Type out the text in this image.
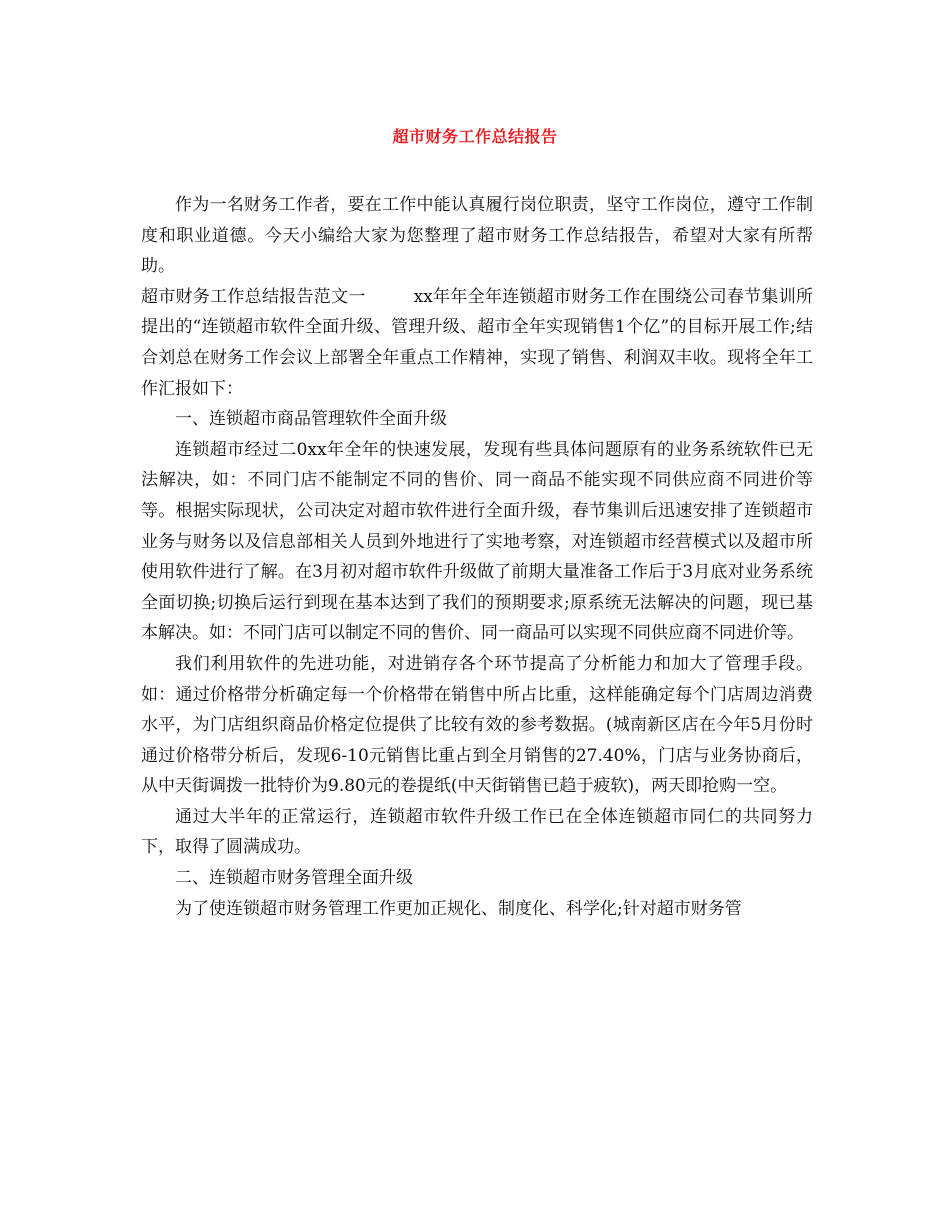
超市财务工作总结报告

作为一名财务工作者，要在工作中能认真履行岗位职责，坚守工作岗位，遵守工作制度和职业道德。今天小编给大家为您整理了超市财务工作总结报告，希望对大家有所帮助。

超市财务工作总结报告范文一	xx年年全年连锁超市财务工作在围绕公司春节集训所提出的“连锁超市软件全面升级、管理升级、超市全年实现销售1个亿”的目标开展工作;结合刘总在财务工作会议上部署全年重点工作精神，实现了销售、利润双丰收。现将全年工作汇报如下：

一、连锁超市商品管理软件全面升级

连锁超市经过二0xx年全年的快速发展，发现有些具体问题原有的业务系统软件已无法解决，如：不同门店不能制定不同的售价、同一商品不能实现不同供应商不同进价等等。根据实际现状，公司决定对超市软件进行全面升级，春节集训后迅速安排了连锁超市业务与财务以及信息部相关人员到外地进行了实地考察，对连锁超市经营模式以及超市所使用软件进行了解。在3月初对超市软件升级做了前期大量准备工作后于3月底对业务系统全面切换;切换后运行到现在基本达到了我们的预期要求;原系统无法解决的问题，现已基本解决。如：不同门店可以制定不同的售价、同一商品可以实现不同供应商不同进价等。

我们利用软件的先进功能，对进销存各个环节提高了分析能力和加大了管理手段。如：通过价格带分析确定每一个价格带在销售中所占比重，这样能确定每个门店周边消费水平，为门店组织商品价格定位提供了比较有效的参考数据。(城南新区店在今年5月份时通过价格带分析后，发现6-10元销售比重占到全月销售的27.40%，门店与业务协商后，从中天街调拨一批特价为9.80元的卷提纸(中天街销售已趋于疲软)，两天即抢购一空。

通过大半年的正常运行，连锁超市软件升级工作已在全体连锁超市同仁的共同努力下，取得了圆满成功。

二、连锁超市财务管理全面升级

为了使连锁超市财务管理工作更加正规化、制度化、科学化;针对超市财务管
